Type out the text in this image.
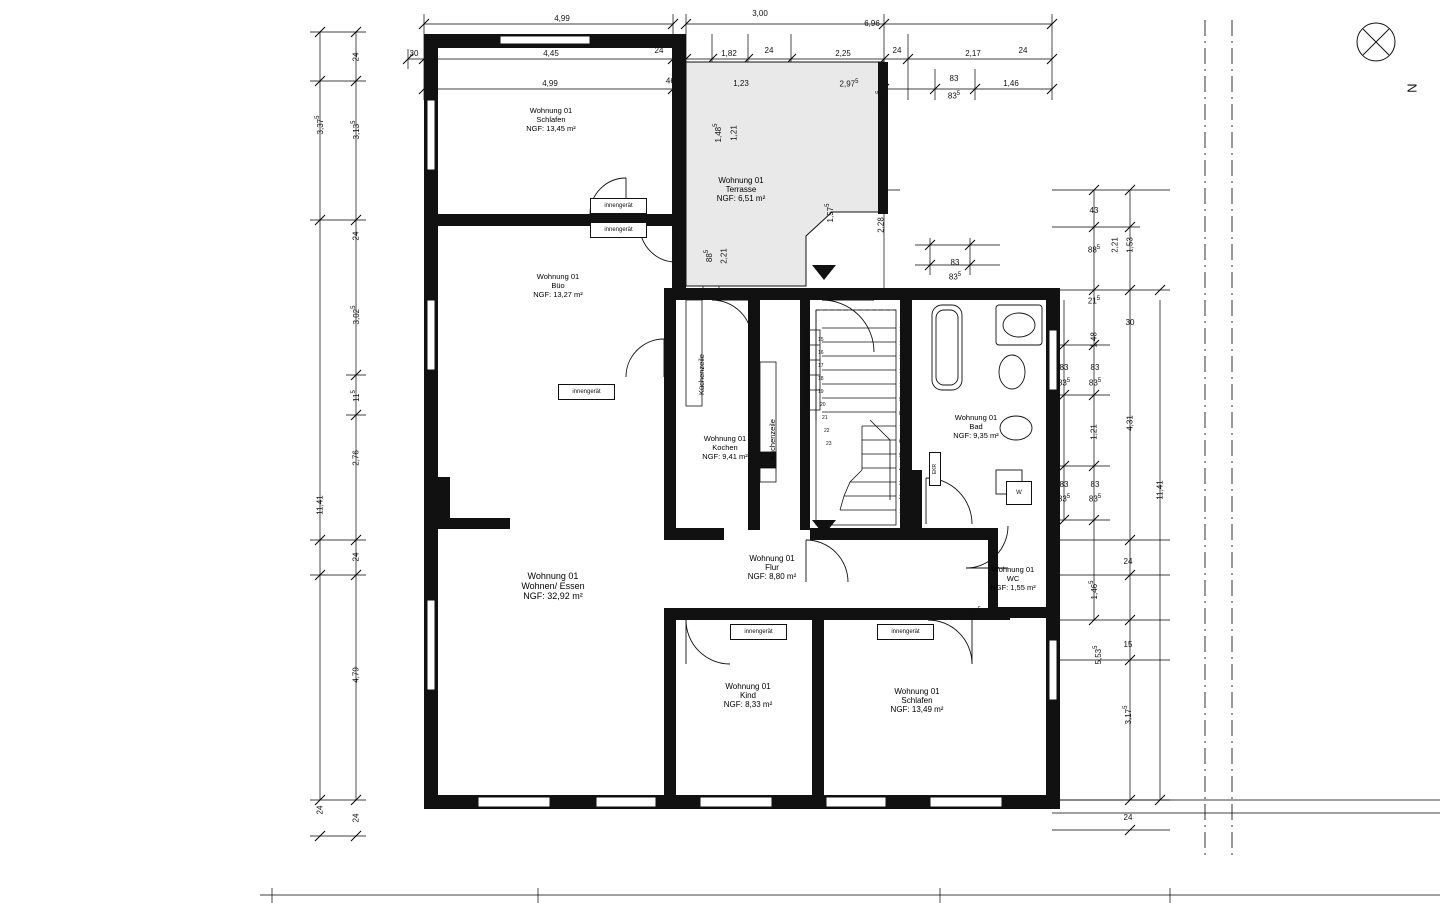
Wohnung 01
Schlafen
NGF: 13,45 m²
Wohnung 01
Büo
NGF: 13,27 m²
Wohnung 01
Terrasse
NGF: 6,51 m²
Wohnung 01
Kochen
NGF: 9,41 m²
Wohnung 01
Bad
NGF: 9,35 m²
Wohnung 01
Flur
NGF: 8,80 m²
Wohnung 01
WC
NGF: 1,55 m²
Wohnung 01
Wohnen/ Essen
NGF: 32,92 m²
Wohnung 01
Kind
NGF: 8,33 m²
Wohnung 01
Schlafen
NGF: 13,49 m²
Küchenzeile
Küchenzeile
innengerät
innengerät
innengerät
innengerät	innengerät
W
EKR
14
13
12
11
10
9
8
7
6
5
4
3
2
1
15
16
17
18
19
20
21
22
23
4,99
3,00
6,96
30	4,45	24	1,82	24	2,25	24	2,17	24
4,99	$46^5$	1,23	2,97$^5$	83
$83^5$
1,46
3,37$^5$
11,41
24
24
3,13$^5$
24
3,02$^5$
$11^5$
2,76
24
4,79
24
43
$88^5$
$21^5$
1,48
1,21
1,46$^5$
3,17$^5$
2,21
30
1,53
4,31
11,41
24
15
5,53$^5$
24
83
$83^5$
83
$83^5$
83
$83^5$
83
$83^5$
83
$83^5$
$11^5$
1,48$^5$	1,21
$88^5$	2,21
1,57$^5$
2,62$^5$
2,28
N
